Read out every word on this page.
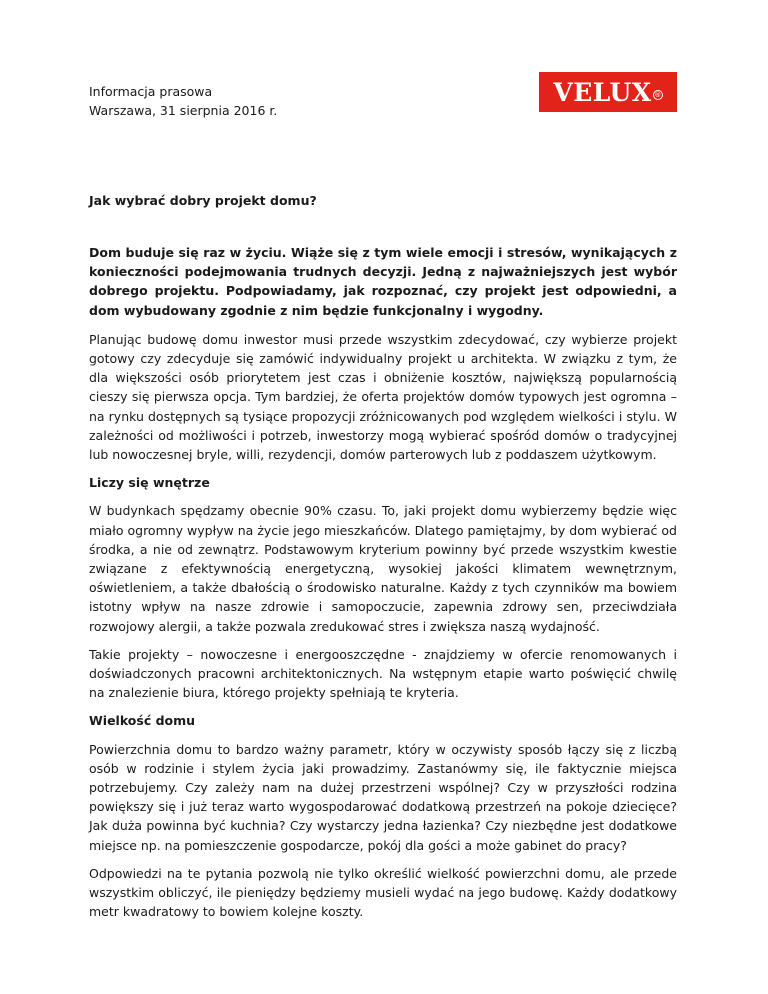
Informacja prasowa
Warszawa, 31 sierpnia 2016 r.
VELUX ®
Jak wybrać dobry projekt domu?

Dom buduje się raz w życiu. Wiąże się z tym wiele emocji i stresów, wynikających z konieczności podejmowania trudnych decyzji. Jedną z najważniejszych jest wybór dobrego projektu. Podpowiadamy, jak rozpoznać, czy projekt jest odpowiedni, a dom wybudowany zgodnie z nim będzie funkcjonalny i wygodny.

Planując budowę domu inwestor musi przede wszystkim zdecydować, czy wybierze projekt gotowy czy zdecyduje się zamówić indywidualny projekt u architekta. W związku z tym, że dla większości osób priorytetem jest czas i obniżenie kosztów, największą popularnością cieszy się pierwsza opcja. Tym bardziej, że oferta projektów domów typowych jest ogromna – na rynku dostępnych są tysiące propozycji zróżnicowanych pod względem wielkości i stylu. W zależności od możliwości i potrzeb, inwestorzy mogą wybierać spośród domów o tradycyjnej lub nowoczesnej bryle, willi, rezydencji, domów parterowych lub z poddaszem użytkowym.

Liczy się wnętrze

W budynkach spędzamy obecnie 90% czasu. To, jaki projekt domu wybierzemy będzie więc miało ogromny wypływ na życie jego mieszkańców. Dlatego pamiętajmy, by dom wybierać od środka, a nie od zewnątrz. Podstawowym kryterium powinny być przede wszystkim kwestie związane z efektywnością energetyczną, wysokiej jakości klimatem wewnętrznym, oświetleniem, a także dbałością o środowisko naturalne. Każdy z tych czynników ma bowiem istotny wpływ na nasze zdrowie i samopoczucie, zapewnia zdrowy sen, przeciwdziała rozwojowy alergii, a także pozwala zredukować stres i zwiększa naszą wydajność.

Takie projekty – nowoczesne i energooszczędne - znajdziemy w ofercie renomowanych i doświadczonych pracowni architektonicznych. Na wstępnym etapie warto poświęcić chwilę na znalezienie biura, którego projekty spełniają te kryteria.

Wielkość domu

Powierzchnia domu to bardzo ważny parametr, który w oczywisty sposób łączy się z liczbą osób w rodzinie i stylem życia jaki prowadzimy. Zastanówmy się, ile faktycznie miejsca potrzebujemy. Czy zależy nam na dużej przestrzeni wspólnej? Czy w przyszłości rodzina powiększy się i już teraz warto wygospodarować dodatkową przestrzeń na pokoje dziecięce? Jak duża powinna być kuchnia? Czy wystarczy jedna łazienka? Czy niezbędne jest dodatkowe miejsce np. na pomieszczenie gospodarcze, pokój dla gości a może gabinet do pracy?

Odpowiedzi na te pytania pozwolą nie tylko określić wielkość powierzchni domu, ale przede wszystkim obliczyć, ile pieniędzy będziemy musieli wydać na jego budowę. Każdy dodatkowy metr kwadratowy to bowiem kolejne koszty.
